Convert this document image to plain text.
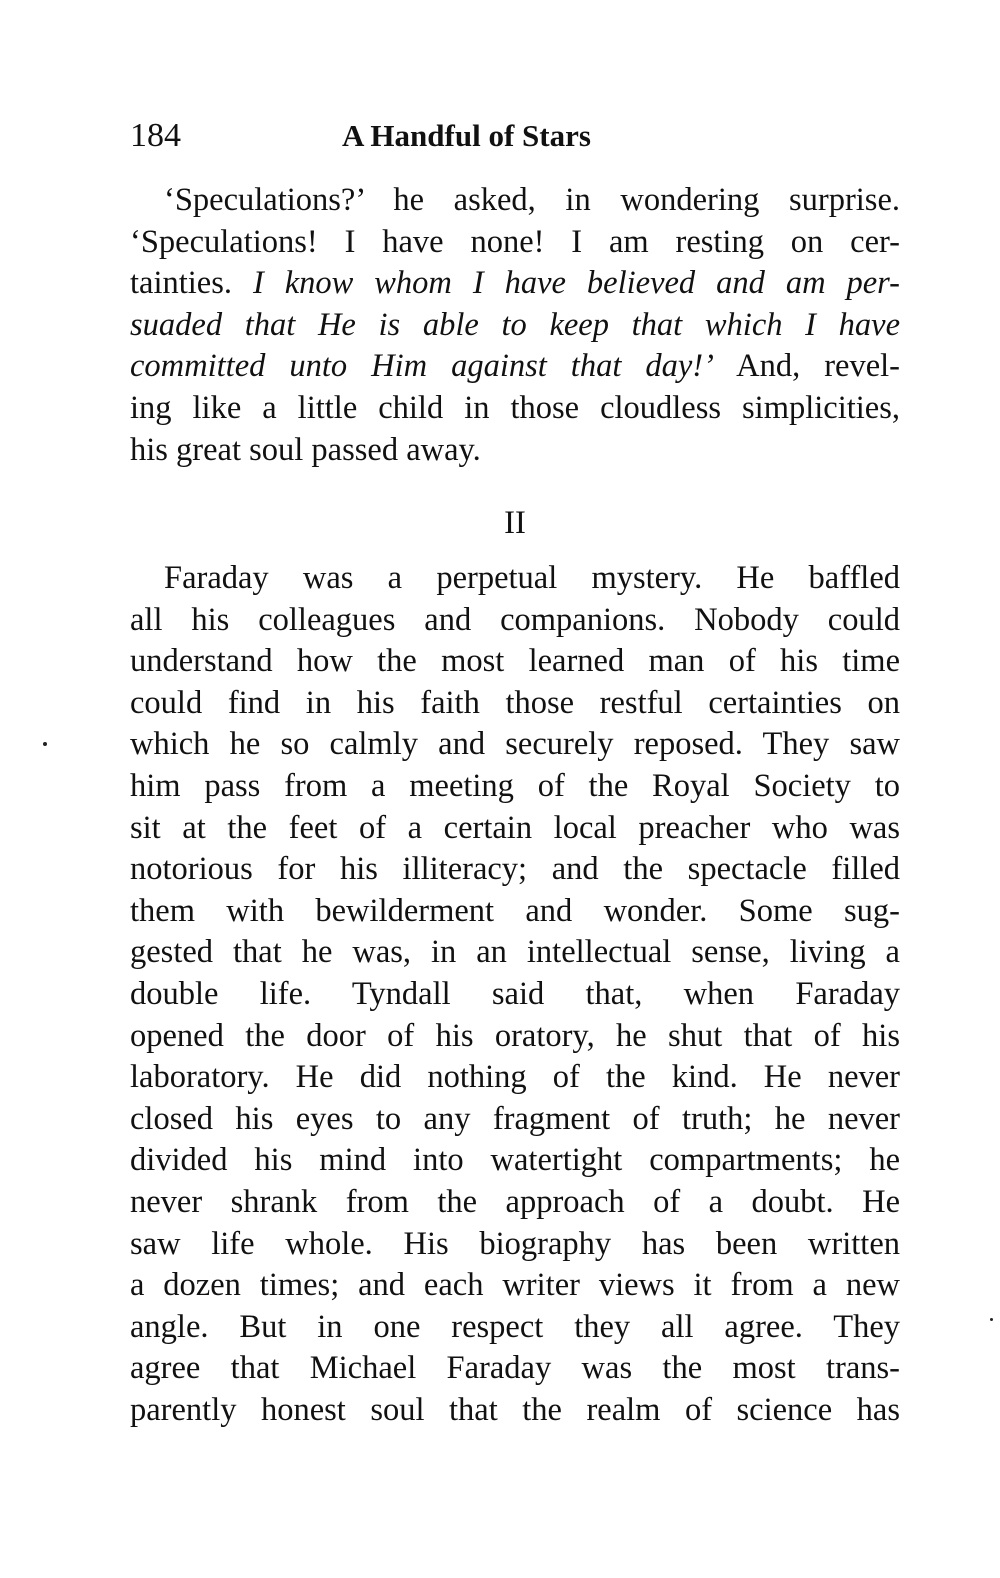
184	A Handful of Stars
‘Speculations?’ he asked, in wondering surprise.
‘Speculations! I have none! I am resting on cer-
tainties. I know whom I have believed and am per-
suaded that He is able to keep that which I have
committed unto Him against that day!’ And, revel-
ing like a little child in those cloudless simplicities,
his great soul passed away.
II
Faraday was a perpetual mystery. He baffled
all his colleagues and companions. Nobody could
understand how the most learned man of his time
could find in his faith those restful certainties on
which he so calmly and securely reposed. They saw
him pass from a meeting of the Royal Society to
sit at the feet of a certain local preacher who was
notorious for his illiteracy; and the spectacle filled
them with bewilderment and wonder. Some sug-
gested that he was, in an intellectual sense, living a
double life. Tyndall said that, when Faraday
opened the door of his oratory, he shut that of his
laboratory. He did nothing of the kind. He never
closed his eyes to any fragment of truth; he never
divided his mind into watertight compartments; he
never shrank from the approach of a doubt. He
saw life whole. His biography has been written
a dozen times; and each writer views it from a new
angle. But in one respect they all agree. They
agree that Michael Faraday was the most trans-
parently honest soul that the realm of science has
